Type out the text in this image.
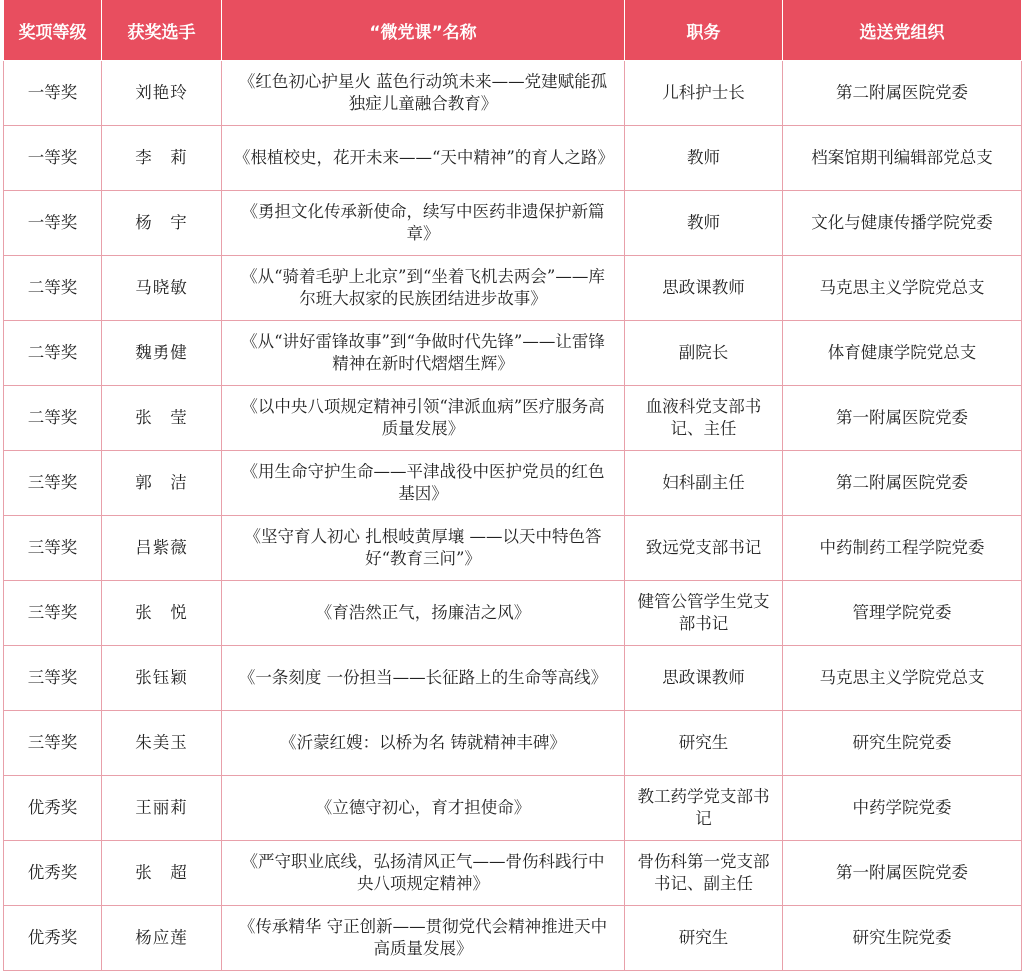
奖项等级	获奖选手	“微党课”名称	职务	选送党组织
一等奖	刘艳玲	《红色初心护星火 蓝色行动筑未来——党建赋能孤独症儿童融合教育》	儿科护士长	第二附属医院党委
一等奖	李　莉	《根植校史，花开未来——“天中精神”的育人之路》	教师	档案馆期刊编辑部党总支
一等奖	杨　宇	《勇担文化传承新使命，续写中医药非遗保护新篇章》	教师	文化与健康传播学院党委
二等奖	马晓敏	《从“骑着毛驴上北京”到“坐着飞机去两会”——库尔班大叔家的民族团结进步故事》	思政课教师	马克思主义学院党总支
二等奖	魏勇健	《从“讲好雷锋故事”到“争做时代先锋”——让雷锋精神在新时代熠熠生辉》	副院长	体育健康学院党总支
二等奖	张　莹	《以中央八项规定精神引领“津派血病”医疗服务高质量发展》	血液科党支部书记、主任	第一附属医院党委
三等奖	郭　洁	《用生命守护生命——平津战役中医护党员的红色基因》	妇科副主任	第二附属医院党委
三等奖	吕紫薇	《坚守育人初心 扎根岐黄厚壤 ——以天中特色答好“教育三问”》	致远党支部书记	中药制药工程学院党委
三等奖	张　悦	《育浩然正气，扬廉洁之风》	健管公管学生党支部书记	管理学院党委
三等奖	张钰颖	《一条刻度 一份担当——长征路上的生命等高线》	思政课教师	马克思主义学院党总支
三等奖	朱美玉	《沂蒙红嫂：以桥为名 铸就精神丰碑》	研究生	研究生院党委
优秀奖	王丽莉	《立德守初心，育才担使命》	教工药学党支部书记	中药学院党委
优秀奖	张　超	《严守职业底线，弘扬清风正气——骨伤科践行中央八项规定精神》	骨伤科第一党支部书记、副主任	第一附属医院党委
优秀奖	杨应莲	《传承精华 守正创新——贯彻党代会精神推进天中高质量发展》	研究生	研究生院党委
